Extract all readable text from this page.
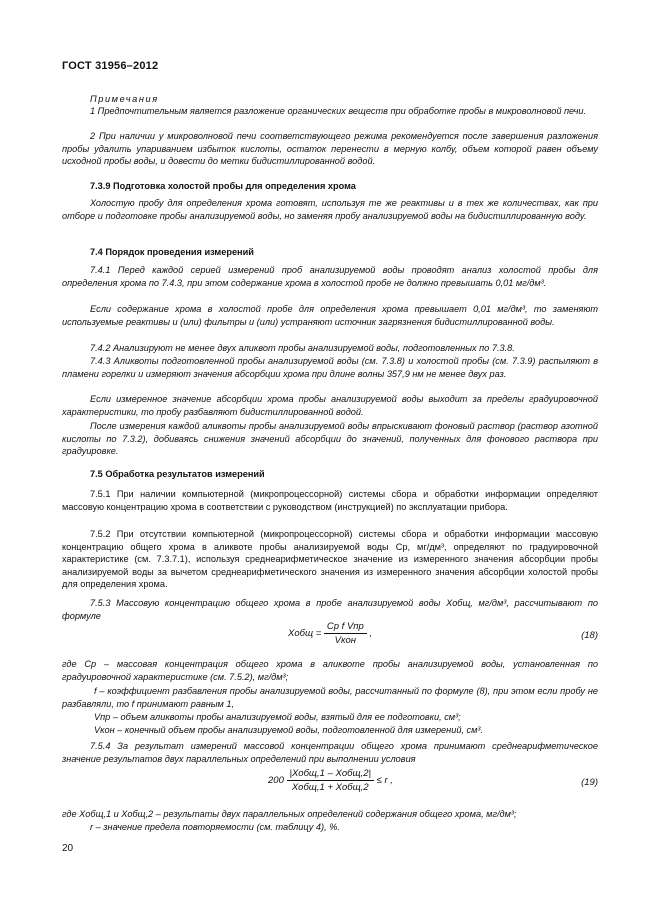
ГОСТ 31956–2012
Примечания
1 Предпочтительным является разложение органических веществ при обработке пробы в микроволновой печи.
2 При наличии у микроволновой печи соответствующего режима рекомендуется после завершения разложения пробы удалить упариванием избыток кислоты, остаток перенести в мерную колбу, объем которой равен объему исходной пробы воды, и довести до метки бидистиллированной водой.
7.3.9 Подготовка холостой пробы для определения хрома
Холостую пробу для определения хрома готовят, используя те же реактивы и в тех же количествах, как при отборе и подготовке пробы анализируемой воды, но заменяя пробу анализируемой воды на бидистиллированную воду.
7.4 Порядок проведения измерений
7.4.1 Перед каждой серией измерений проб анализируемой воды проводят анализ холостой пробы для определения хрома по 7.4.3, при этом содержание хрома в холостой пробе не должно превышать 0,01 мг/дм³.
Если содержание хрома в холостой пробе для определения хрома превышает 0,01 мг/дм³, то заменяют используемые реактивы и (или) фильтры и (или) устраняют источник загрязнения бидистиллированной воды.
7.4.2 Анализируют не менее двух аликвот пробы анализируемой воды, подготовленных по 7.3.8.
7.4.3 Аликвоты подготовленной пробы анализируемой воды (см. 7.3.8) и холостой пробы (см. 7.3.9) распыляют в пламени горелки и измеряют значения абсорбции хрома при длине волны 357,9 нм не менее двух раз.
Если измеренное значение абсорбции хрома пробы анализируемой воды выходит за пределы градуировочной характеристики, то пробу разбавляют бидистиллированной водой.
После измерения каждой аликвоты пробы анализируемой воды впрыскивают фоновый раствор (раствор азотной кислоты по 7.3.2), добиваясь снижения значений абсорбции до значений, полученных для фонового раствора при градуировке.
7.5 Обработка результатов измерений
7.5.1 При наличии компьютерной (микропроцессорной) системы сбора и обработки информации определяют массовую концентрацию хрома в соответствии с руководством (инструкцией) по эксплуатации прибора.
7.5.2 При отсутствии компьютерной (микропроцессорной) системы сбора и обработки информации массовую концентрацию общего хрома в аликвоте пробы анализируемой воды Cр, мг/дм³, определяют по градуировочной характеристике (см. 7.3.7.1), используя среднеарифметическое значение из измеренного значения абсорбции пробы анализируемой воды за вычетом среднеарифметического значения из измеренного значения абсорбции холостой пробы для определения хрома.
7.5.3 Массовую концентрацию общего хрома в пробе анализируемой воды Xобщ, мг/дм³, рассчитывают по формуле
Xобщ = $\frac{\text{Cр f Vпр}}{\text{Vкон}}$ ,	(18)
где Cр – массовая концентрация общего хрома в аликвоте пробы анализируемой воды, установленная по градуировочной характеристике (см. 7.5.2), мг/дм³;
f – коэффициент разбавления пробы анализируемой воды, рассчитанный по формуле (8), при этом если пробу не разбавляли, то f принимают равным 1,
Vпр – объем аликвоты пробы анализируемой воды, взятый для ее подготовки, см³;
Vкон – конечный объем пробы анализируемой воды, подготовленной для измерений, см³.
7.5.4 За результат измерений массовой концентрации общего хрома принимают среднеарифметическое значение результатов двух параллельных определений при выполнении условия
$200 \frac{\text{|Xобщ,1 – Xобщ,2|}}{\text{Xобщ,1 + Xобщ,2}} \le r$ ,	(19)
где Xобщ,1 и Xобщ,2 – результаты двух параллельных определений содержания общего хрома, мг/дм³;
r – значение предела повторяемости (см. таблицу 4), %.
20
